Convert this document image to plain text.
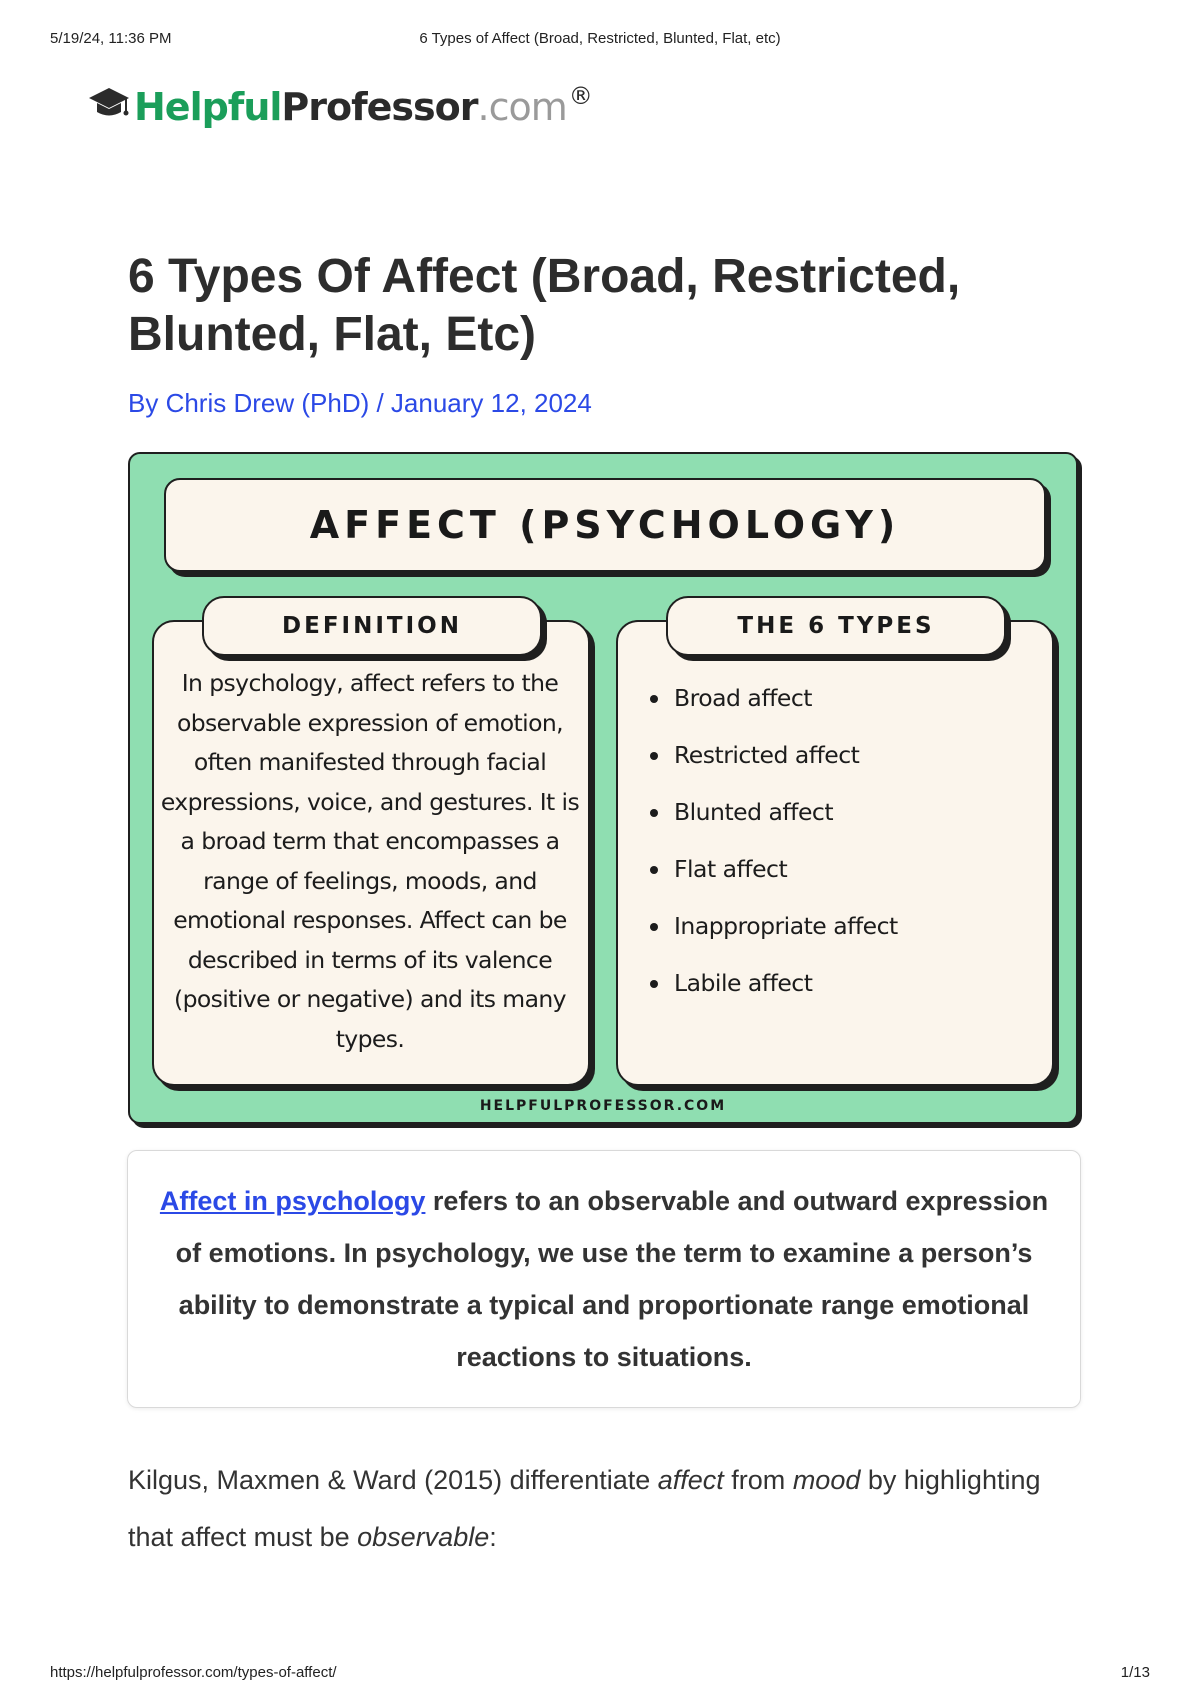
5/19/24, 11:36 PM	6 Types of Affect (Broad, Restricted, Blunted, Flat, etc)
Helpful Professor .com ®
6 Types Of Affect (Broad, Restricted, Blunted, Flat, Etc)
By Chris Drew (PhD) / January 12, 2024
AFFECT (PSYCHOLOGY)
DEFINITION	THE 6 TYPES

In psychology, affect refers to the observable expression of emotion, often manifested through facial expressions, voice, and gestures. It is a broad term that encompasses a range of feelings, moods, and emotional responses. Affect can be described in terms of its valence (positive or negative) and its many types.

Broad affect
Restricted affect
Blunted affect
Flat affect
Inappropriate affect
Labile affect
HELPFULPROFESSOR.COM

Affect in psychology refers to an observable and outward expression of emotions. In psychology, we use the term to examine a person’s ability to demonstrate a typical and proportionate range emotional reactions to situations.

Kilgus, Maxmen & Ward (2015) differentiate affect from mood by highlighting that affect must be observable:

https://helpfulprofessor.com/types-of-affect/	1/13
